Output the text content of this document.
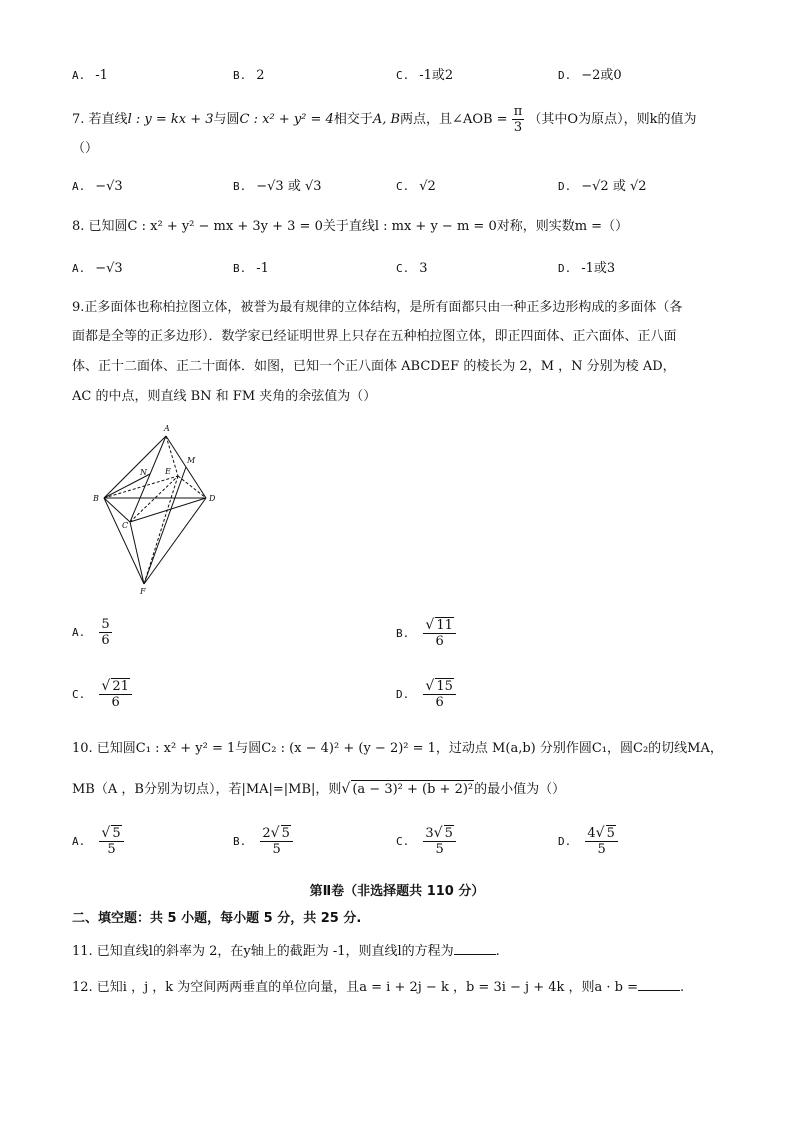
A. -1	B. 2	C. -1或2	D. −2或0
7. 若直线l : y = kx + 3与圆C : x² + y² = 4相交于A, B两点，且∠AOB = $\frac{\pi}{3}$ （其中O为原点），则k的值为
（）
A. −√3	B. −√3 或 √3	C. √2	D. −√2 或 √2
8. 已知圆C : x² + y² − mx + 3y + 3 = 0关于直线l : mx + y − m = 0对称，则实数m =（）
A. −√3	B. -1	C. 3	D. -1或3
9.正多面体也称柏拉图立体，被誉为最有规律的立体结构，是所有面都只由一种正多边形构成的多面体（各
面都是全等的正多边形）．数学家已经证明世界上只存在五种柏拉图立体，即正四面体、正六面体、正八面
体、正十二面体、正二十面体．如图，已知一个正八面体 ABCDEF 的棱长为 2，M ，N 分别为棱 AD，
AC 的中点，则直线 BN 和 FM 夹角的余弦值为（）
A
B
C
D
E
F
M
N
A. $\frac{5}{6}$	B. $\frac{√ 11}{6}$
C. $\frac{√ 21}{6}$	D. $\frac{√ 15}{6}$
10. 已知圆C₁ : x² + y² = 1与圆C₂ : (x − 4)² + (y − 2)² = 1，过动点 M(a,b) 分别作圆C₁，圆C₂的切线MA，
MB（A ，B分别为切点），若|MA|=|MB|，则√ (a − 3)² + (b + 2)²的最小值为（）
A. $\frac{√ 5}{5}$	B. $\frac{2√ 5}{5}$	C. $\frac{3√ 5}{5}$	D. $\frac{4√ 5}{5}$
第Ⅱ卷（非选择题共 110 分）
二、填空题：共 5 小题，每小题 5 分，共 25 分.
11. 已知直线l的斜率为 2，在y轴上的截距为 -1，则直线l的方程为	.
12. 已知i ，j ，k 为空间两两垂直的单位向量，且a = i + 2j − k ，b = 3i − j + 4k ，则a · b =	.
